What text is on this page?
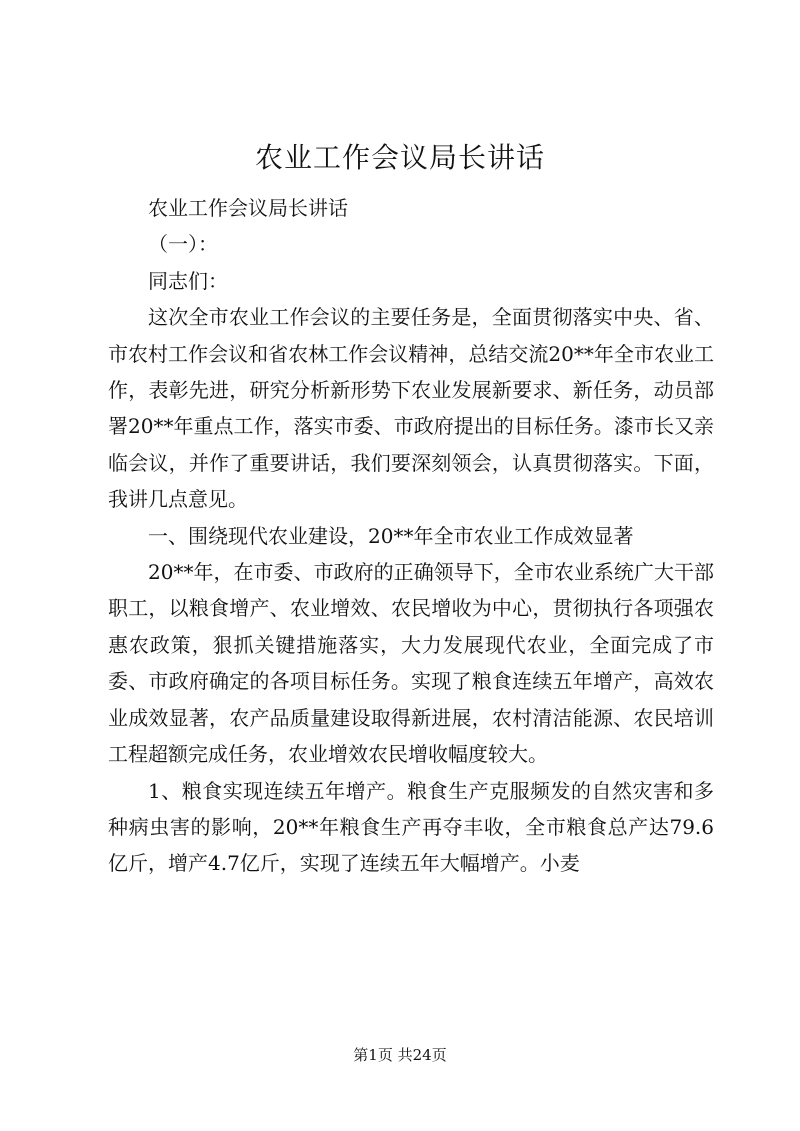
农业工作会议局长讲话

农业工作会议局长讲话

（一）：

同志们：

这次全市农业工作会议的主要任务是，全面贯彻落实中央、省、市农村工作会议和省农林工作会议精神，总结交流20**年全市农业工作，表彰先进，研究分析新形势下农业发展新要求、新任务，动员部署20**年重点工作，落实市委、市政府提出的目标任务。漆市长又亲临会议，并作了重要讲话，我们要深刻领会，认真贯彻落实。下面，我讲几点意见。

一、围绕现代农业建设，20**年全市农业工作成效显著

20**年，在市委、市政府的正确领导下，全市农业系统广大干部职工，以粮食增产、农业增效、农民增收为中心，贯彻执行各项强农惠农政策，狠抓关键措施落实，大力发展现代农业，全面完成了市委、市政府确定的各项目标任务。实现了粮食连续五年增产，高效农业成效显著，农产品质量建设取得新进展，农村清洁能源、农民培训工程超额完成任务，农业增效农民增收幅度较大。

1、粮食实现连续五年增产。粮食生产克服频发的自然灾害和多种病虫害的影响，20**年粮食生产再夺丰收，全市粮食总产达79.6亿斤，增产4.7亿斤，实现了连续五年大幅增产。小麦

第1页 共24页
